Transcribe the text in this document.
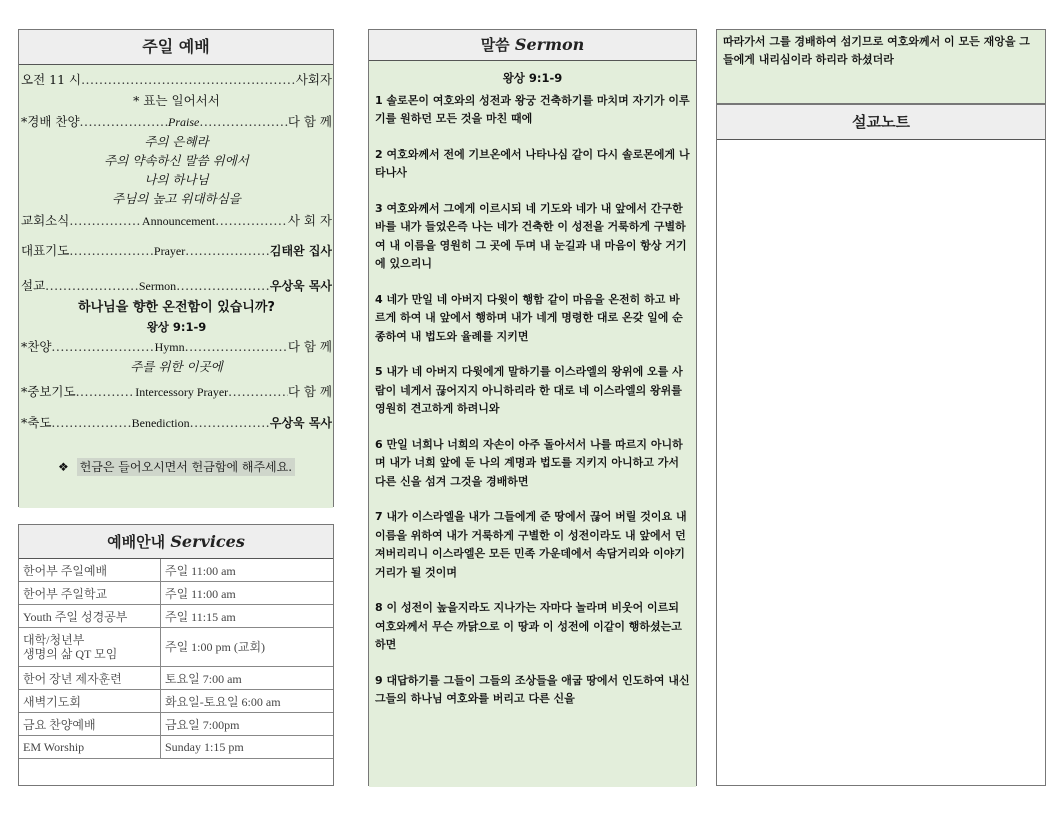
주일 예배
오전 11 시 .....	사회자
* 표는 일어서서
*경배 찬양 .....	Praise .....	다 함 께
주의 은혜라
주의 약속하신 말씀 위에서
나의 하나님
주님의 높고 위대하심을
교회소식 .....	Announcement .....	사 회 자
대표기도 .....	Prayer .....	김태완 집사
설교 .....	Sermon .....	우상욱 목사
하나님을 향한 온전함이 있습니까?
왕상 9:1-9
*찬양 .....	Hymn .....	다 함 께
주를 위한 이곳에
*중보기도 .....	Intercessory Prayer .....	다 함 께
*축도 .....	Benediction .....	우상욱 목사
❖ 헌금은 들어오시면서 헌금함에 해주세요.
예배안내 Services
한어부 주일예배	주일 11:00 am
한어부 주일학교	주일 11:00 am
Youth 주일 성경공부	주일 11:15 am
대학/청년부
생명의 삶 QT 모임	주일 1:00 pm (교회)
한어 장년 제자훈련	토요일 7:00 am
새벽기도회	화요일-토요일 6:00 am
금요 찬양예배	금요일 7:00pm
EM Worship	Sunday 1:15 pm
말씀 Sermon
왕상 9:1-9
1 솔로몬이 여호와의 성전과 왕궁 건축하기를 마치며 자기가 이루기를 원하던 모든 것을 마친 때에
2 여호와께서 전에 기브온에서 나타나심 같이 다시 솔로몬에게 나타나사
3 여호와께서 그에게 이르시되 네 기도와 네가 내 앞에서 간구한 바를 내가 들었은즉 나는 네가 건축한 이 성전을 거룩하게 구별하여 내 이름을 영원히 그 곳에 두며 내 눈길과 내 마음이 항상 거기에 있으리니
4 네가 만일 네 아버지 다윗이 행함 같이 마음을 온전히 하고 바르게 하여 내 앞에서 행하며 내가 네게 명령한 대로 온갖 일에 순종하여 내 법도와 율례를 지키면
5 내가 네 아버지 다윗에게 말하기를 이스라엘의 왕위에 오를 사람이 네게서 끊어지지 아니하리라 한 대로 네 이스라엘의 왕위를 영원히 견고하게 하려니와
6 만일 너희나 너희의 자손이 아주 돌아서서 나를 따르지 아니하며 내가 너희 앞에 둔 나의 계명과 법도를 지키지 아니하고 가서 다른 신을 섬겨 그것을 경배하면
7 내가 이스라엘을 내가 그들에게 준 땅에서 끊어 버릴 것이요 내 이름을 위하여 내가 거룩하게 구별한 이 성전이라도 내 앞에서 던져버리리니 이스라엘은 모든 민족 가운데에서 속담거리와 이야기거리가 될 것이며
8 이 성전이 높을지라도 지나가는 자마다 놀라며 비웃어 이르되 여호와께서 무슨 까닭으로 이 땅과 이 성전에 이같이 행하셨는고 하면
9 대답하기를 그들이 그들의 조상들을 애굽 땅에서 인도하여 내신 그들의 하나님 여호와를 버리고 다른 신을
따라가서 그를 경배하여 섬기므로 여호와께서 이 모든 재앙을 그들에게 내리심이라 하리라 하셨더라
설교노트
